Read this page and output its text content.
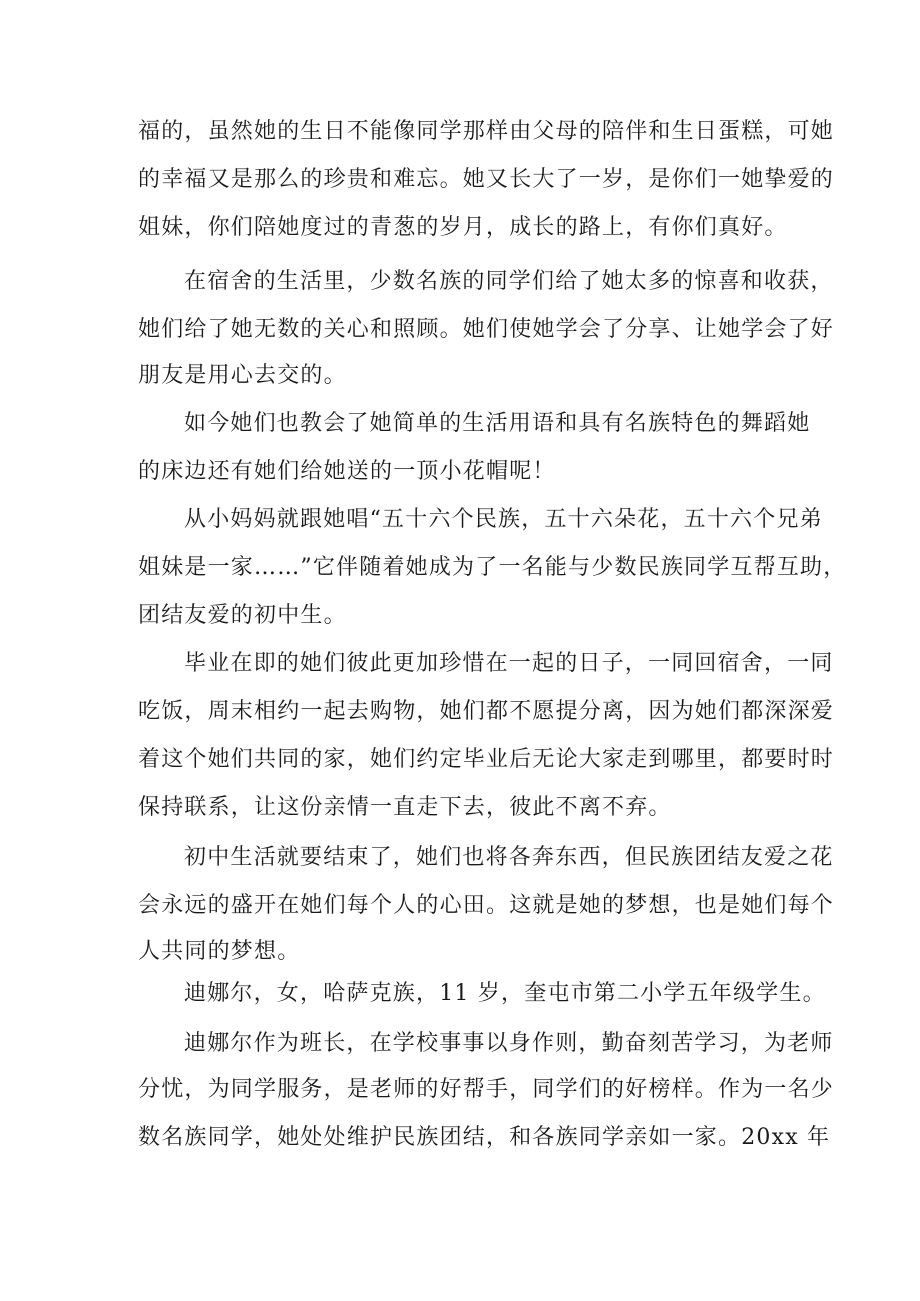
福的，虽然她的生日不能像同学那样由父母的陪伴和生日蛋糕，可她
的幸福又是那么的珍贵和难忘。她又长大了一岁，是你们一她挚爱的
姐妹，你们陪她度过的青葱的岁月，成长的路上，有你们真好。
在宿舍的生活里，少数名族的同学们给了她太多的惊喜和收获，
她们给了她无数的关心和照顾。她们使她学会了分享、让她学会了好
朋友是用心去交的。
如今她们也教会了她简单的生活用语和具有名族特色的舞蹈她
的床边还有她们给她送的一顶小花帽呢！
从小妈妈就跟她唱“五十六个民族，五十六朵花，五十六个兄弟
姐妹是一家……”它伴随着她成为了一名能与少数民族同学互帮互助，
团结友爱的初中生。
毕业在即的她们彼此更加珍惜在一起的日子，一同回宿舍，一同
吃饭，周末相约一起去购物，她们都不愿提分离，因为她们都深深爱
着这个她们共同的家，她们约定毕业后无论大家走到哪里，都要时时
保持联系，让这份亲情一直走下去，彼此不离不弃。
初中生活就要结束了，她们也将各奔东西，但民族团结友爱之花
会永远的盛开在她们每个人的心田。这就是她的梦想，也是她们每个
人共同的梦想。
迪娜尔，女，哈萨克族，11 岁，奎屯市第二小学五年级学生。
迪娜尔作为班长，在学校事事以身作则，勤奋刻苦学习，为老师
分忧，为同学服务，是老师的好帮手，同学们的好榜样。作为一名少
数名族同学，她处处维护民族团结，和各族同学亲如一家。20xx 年
